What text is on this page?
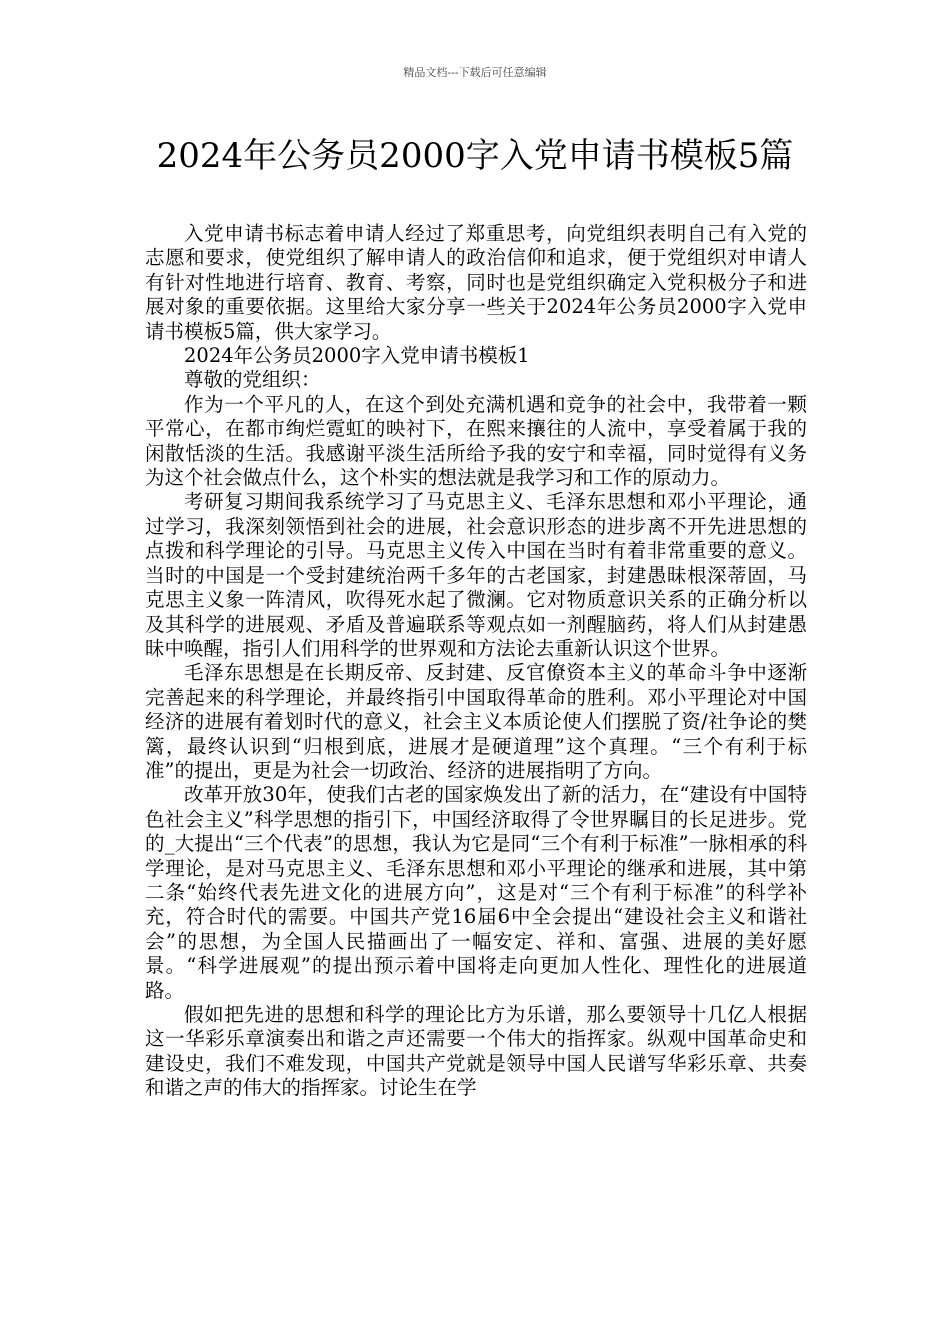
精品文档---下载后可任意编辑
2024年公务员2000字入党申请书模板5篇

入党申请书标志着申请人经过了郑重思考，向党组织表明自己有入党的志愿和要求，使党组织了解申请人的政治信仰和追求，便于党组织对申请人有针对性地进行培育、教育、考察，同时也是党组织确定入党积极分子和进展对象的重要依据。这里给大家分享一些关于2024年公务员2000字入党申请书模板5篇，供大家学习。

2024年公务员2000字入党申请书模板1

尊敬的党组织：

作为一个平凡的人，在这个到处充满机遇和竞争的社会中，我带着一颗平常心，在都市绚烂霓虹的映衬下，在熙来攘往的人流中，享受着属于我的闲散恬淡的生活。我感谢平淡生活所给予我的安宁和幸福，同时觉得有义务为这个社会做点什么，这个朴实的想法就是我学习和工作的原动力。

考研复习期间我系统学习了马克思主义、毛泽东思想和邓小平理论，通过学习，我深刻领悟到社会的进展，社会意识形态的进步离不开先进思想的点拨和科学理论的引导。马克思主义传入中国在当时有着非常重要的意义。当时的中国是一个受封建统治两千多年的古老国家，封建愚昧根深蒂固，马克思主义象一阵清风，吹得死水起了微澜。它对物质意识关系的正确分析以及其科学的进展观、矛盾及普遍联系等观点如一剂醒脑药，将人们从封建愚昧中唤醒，指引人们用科学的世界观和方法论去重新认识这个世界。

毛泽东思想是在长期反帝、反封建、反官僚资本主义的革命斗争中逐渐完善起来的科学理论，并最终指引中国取得革命的胜利。邓小平理论对中国经济的进展有着划时代的意义，社会主义本质论使人们摆脱了资/社争论的樊篱，最终认识到“归根到底，进展才是硬道理”这个真理。“三个有利于标准”的提出，更是为社会一切政治、经济的进展指明了方向。

改革开放30年，使我们古老的国家焕发出了新的活力，在“建设有中国特色社会主义”科学思想的指引下，中国经济取得了令世界瞩目的长足进步。党的_大提出“三个代表”的思想，我认为它是同“三个有利于标准”一脉相承的科学理论，是对马克思主义、毛泽东思想和邓小平理论的继承和进展，其中第二条“始终代表先进文化的进展方向”，这是对“三个有利于标准”的科学补充，符合时代的需要。中国共产党16届6中全会提出“建设社会主义和谐社会”的思想，为全国人民描画出了一幅安定、祥和、富强、进展的美好愿景。“科学进展观”的提出预示着中国将走向更加人性化、理性化的进展道路。

假如把先进的思想和科学的理论比方为乐谱，那么要领导十几亿人根据这一华彩乐章演奏出和谐之声还需要一个伟大的指挥家。纵观中国革命史和建设史，我们不难发现，中国共产党就是领导中国人民谱写华彩乐章、共奏和谐之声的伟大的指挥家。讨论生在学
